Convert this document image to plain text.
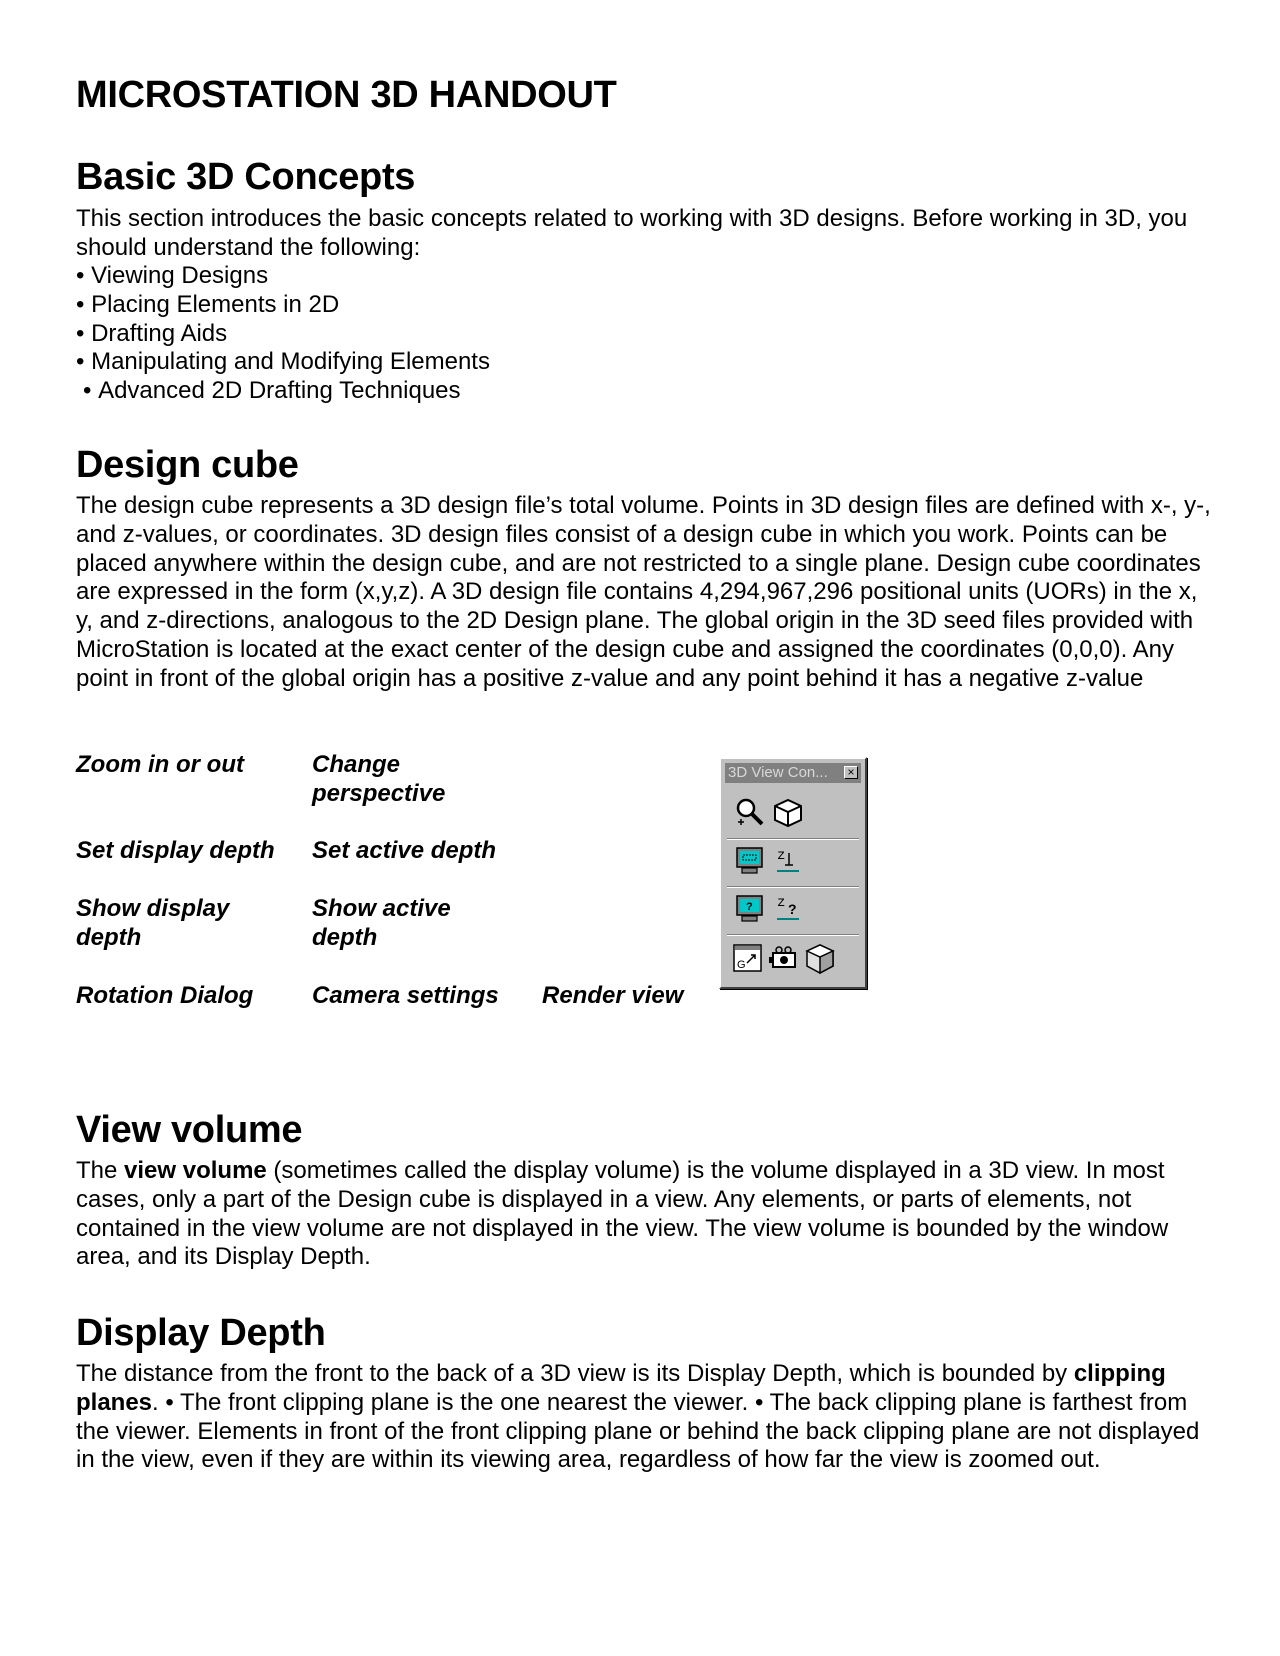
MICROSTATION 3D HANDOUT
Basic 3D Concepts

This section introduces the basic concepts related to working with 3D designs. Before working in 3D, you should understand the following:

• Viewing Designs
• Placing Elements in 2D
• Drafting Aids
• Manipulating and Modifying Elements
• Advanced 2D Drafting Techniques
Design cube

The design cube represents a 3D design file’s total volume. Points in 3D design files are defined with x-, y-, and z-values, or coordinates. 3D design files consist of a design cube in which you work. Points can be placed anywhere within the design cube, and are not restricted to a single plane. Design cube coordinates are expressed in the form (x,y,z). A 3D design file contains 4,294,967,296 positional units (UORs) in the x, y, and z-directions, analogous to the 2D Design plane. The global origin in the 3D seed files provided with MicroStation is located at the exact center of the design cube and assigned the coordinates (0,0,0). Any point in front of the global origin has a positive z-value and any point behind it has a negative z-value

Zoom in or out	Change
perspective
Set display depth Set active depth
Show display
depth
Show active
depth
Rotation Dialog Camera settings Render view
View volume

The view volume (sometimes called the display volume) is the volume displayed in a 3D view. In most cases, only a part of the Design cube is displayed in a view. Any elements, or parts of elements, not contained in the view volume are not displayed in the view. The view volume is bounded by the window area, and its Display Depth.

Display Depth

The distance from the front to the back of a 3D view is its Display Depth, which is bounded by clipping planes. • The front clipping plane is the one nearest the viewer. • The back clipping plane is farthest from the viewer. Elements in front of the front clipping plane or behind the back clipping plane are not displayed in the view, even if they are within its viewing area, regardless of how far the view is zoomed out.

3D View Con... ×
z
? z ?
G
